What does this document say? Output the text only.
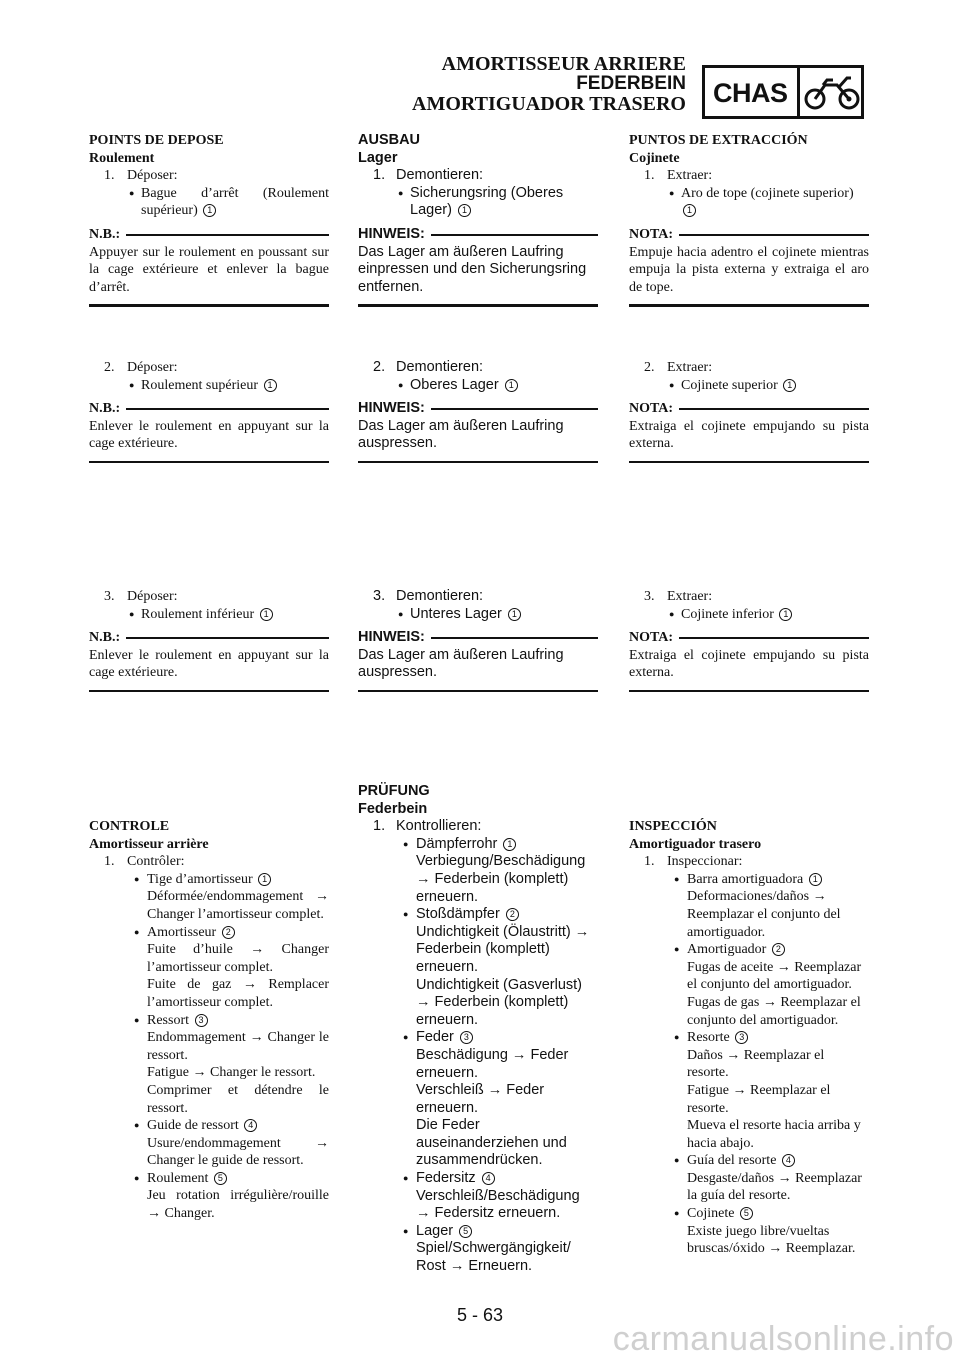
AMORTISSEUR ARRIERE
FEDERBEIN
AMORTIGUADOR TRASERO CHAS
POINTS DE DEPOSE
Roulement
1. Déposer:
● Bague d’arrêt (Roulement supérieur) 1
N.B.:
Appuyer sur le roulement en poussant sur la cage extérieure et enlever la bague d’arrêt.
2. Déposer:
● Roulement supérieur 1
N.B.:
Enlever le roulement en appuyant sur la cage extérieure.
3. Déposer:
● Roulement inférieur 1
N.B.:
Enlever le roulement en appuyant sur la cage extérieure.
CONTROLE
Amortisseur arrière
1. Contrôler:
● Tige d’amortisseur 1
Déformée/endommagement → Changer l’amortisseur complet.
● Amortisseur 2
Fuite d’huile → Changer l’amortisseur complet.
Fuite de gaz → Remplacer l’amortisseur complet.
● Ressort 3
Endommagement → Changer le ressort.
Fatigue → Changer le ressort.
Comprimer et détendre le ressort.
● Guide de ressort 4
Usure/endommagement → Changer le guide de ressort.
● Roulement 5
Jeu rotation irrégulière/rouille → Changer.
AUSBAU
Lager
1. Demontieren:
● Sicherungsring (Oberes Lager) 1
HINWEIS:
Das Lager am äußeren Laufring einpressen und den Sicherungsring entfernen.
2. Demontieren:
● Oberes Lager 1
HINWEIS:
Das Lager am äußeren Laufring auspressen.
3. Demontieren:
● Unteres Lager 1
HINWEIS:
Das Lager am äußeren Laufring auspressen.
PRÜFUNG
Federbein
1. Kontrollieren:
● Dämpferrohr 1
Verbiegung/Beschädigung → Federbein (komplett) erneuern.
● Stoßdämpfer 2
Undichtigkeit (Ölaustritt) → Federbein (komplett) erneuern.
Undichtigkeit (Gasverlust) → Federbein (komplett) erneuern.
● Feder 3
Beschädigung → Feder erneuern.
Verschleiß → Feder erneuern.
Die Feder auseinanderziehen und zusammendrücken.
● Federsitz 4
Verschleiß/Beschädigung → Federsitz erneuern.
● Lager 5
Spiel/Schwergängigkeit/ Rost → Erneuern.
PUNTOS DE EXTRACCIÓN
Cojinete
1. Extraer:
● Aro de tope (cojinete superior) 1
NOTA:
Empuje hacia adentro el cojinete mientras empuja la pista externa y extraiga el aro de tope.
2. Extraer:
● Cojinete superior 1
NOTA:
Extraiga el cojinete empujando su pista externa.
3. Extraer:
● Cojinete inferior 1
NOTA:
Extraiga el cojinete empujando su pista externa.
INSPECCIÓN
Amortiguador trasero
1. Inspeccionar:
● Barra amortiguadora 1
Deformaciones/daños → Reemplazar el conjunto del amortiguador.
● Amortiguador 2
Fugas de aceite → Reemplazar el conjunto del amortiguador.
Fugas de gas → Reemplazar el conjunto del amortiguador.
● Resorte 3
Daños → Reemplazar el resorte.
Fatigue → Reemplazar el resorte.
Mueva el resorte hacia arriba y hacia abajo.
● Guía del resorte 4
Desgaste/daños → Reemplazar la guía del resorte.
● Cojinete 5
Existe juego libre/vueltas bruscas/óxido → Reemplazar.
5 - 63
carmanualsonline.info
